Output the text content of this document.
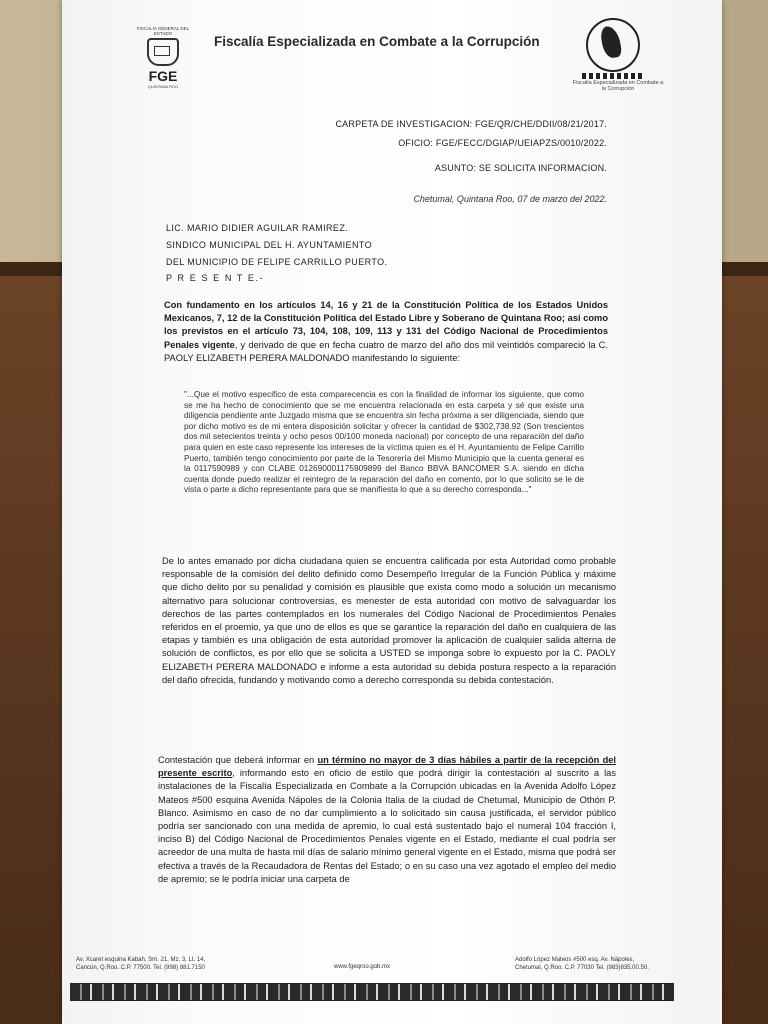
FISCALÍA GENERAL DEL ESTADO
FGE
QUINTANA ROO
Fiscalía Especializada en Combate a la Corrupción
Fiscalía Especializada en Combate a la Corrupción
CARPETA DE INVESTIGACION: FGE/QR/CHE/DDII/08/21/2017.
OFICIO: FGE/FECC/DGIAP/UEIAPZS/0010/2022.
ASUNTO: SE SOLICITA INFORMACION.
Chetumal, Quintana Roo, 07 de marzo del 2022.
LIC. MARIO DIDIER AGUILAR RAMIREZ.
SINDICO MUNICIPAL DEL H. AYUNTAMIENTO
DEL MUNICIPIO DE FELIPE CARRILLO PUERTO.
P R E S E N T E.-
Con fundamento en los artículos 14, 16 y 21 de la Constitución Política de los Estados Unidos Mexicanos, 7, 12 de la Constitución Política del Estado Libre y Soberano de Quintana Roo; así como los previstos en el artículo 73, 104, 108, 109, 113 y 131 del Código Nacional de Procedimientos Penales vigente, y derivado de que en fecha cuatro de marzo del año dos mil veintidós compareció la C. PAOLY ELIZABETH PERERA MALDONADO manifestando lo siguiente:
"...Que el motivo especifico de esta comparecencia es con la finalidad de informar los siguiente, que como se me ha hecho de conocimiento que se me encuentra relacionada en esta carpeta y sé que existe una diligencia pendiente ante Juzgado misma que se encuentra sin fecha próxima a ser diligenciada, siendo que por dicho motivo es de mi entera disposición solicitar y ofrecer la cantidad de $302,738.92 (Son trescientos dos mil setecientos treinta y ocho pesos 00/100 moneda nacional) por concepto de una reparación del daño para quien en este caso represente los intereses de la víctima quien es el H. Ayuntamiento de Felipe Carrillo Puerto, también tengo conocimiento por parte de la Tesorería del Mismo Municipio que la cuenta general es la 0117590989 y con CLABE 012690001175909899 del Banco BBVA BANCOMER S.A. siendo en dicha cuenta donde puedo realizar el reintegro de la reparación del daño en comento, por lo que solicito se le de vista o parte a dicho representante para que se manifiesta lo que a su derecho corresponda..."
De lo antes emanado por dicha ciudadana quien se encuentra calificada por esta Autoridad como probable responsable de la comisión del delito definido como Desempeño Irregular de la Función Pública y máxime que dicho delito por su penalidad y comisión es plausible que exista como modo a solución un mecanismo alternativo para solucionar controversias, es menester de esta autoridad con motivo de salvaguardar los derechos de las partes contemplados en los numerales del Código Nacional de Procedimientos Penales referidos en el proemio, ya que uno de ellos es que se garantice la reparación del daño en cualquiera de las etapas y también es una obligación de esta autoridad promover la aplicación de cualquier salida alterna de solución de conflictos, es por ello que se solicita a USTED se imponga sobre lo expuesto por la C. PAOLY ELIZABETH PERERA MALDONADO e informe a esta autoridad su debida postura respecto a la reparación del daño ofrecida, fundando y motivando como a derecho corresponda su debida contestación.
Contestación que deberá informar en un término no mayor de 3 días hábiles a partir de la recepción del presente escrito, informando esto en oficio de estilo que podrá dirigir la contestación al suscrito a las instalaciones de la Fiscalía Especializada en Combate a la Corrupción ubicadas en la Avenida Adolfo López Mateos #500 esquina Avenida Nápoles de la Colonia Italia de la ciudad de Chetumal, Municipio de Othón P. Blanco. Asimismo en caso de no dar cumplimiento a lo solicitado sin causa justificada, el servidor público podría ser sancionado con una medida de apremio, lo cual está sustentado bajo el numeral 104 fracción I, inciso B) del Código Nacional de Procedimientos Penales vigente en el Estado, mediante el cual podría ser acreedor de una multa de hasta mil días de salario mínimo general vigente en el Estado, misma que podrá ser efectiva a través de la Recaudadora de Rentas del Estado; o en su caso una vez agotado el empleo del medio de apremio; se le podría iniciar una carpeta de
Av. Xcaret esquina Kabah, Sm. 21, Mz. 3, Lt. 14,
Cancún, Q.Roo. C.P. 77500. Tel. (998) 881.7150	www.fgeqroo.gob.mx
Adolfo López Mateos #500 esq. Av. Nápoles,
Chetumal, Q.Roo. C.P. 77030 Tel. (983)835.00.50.
